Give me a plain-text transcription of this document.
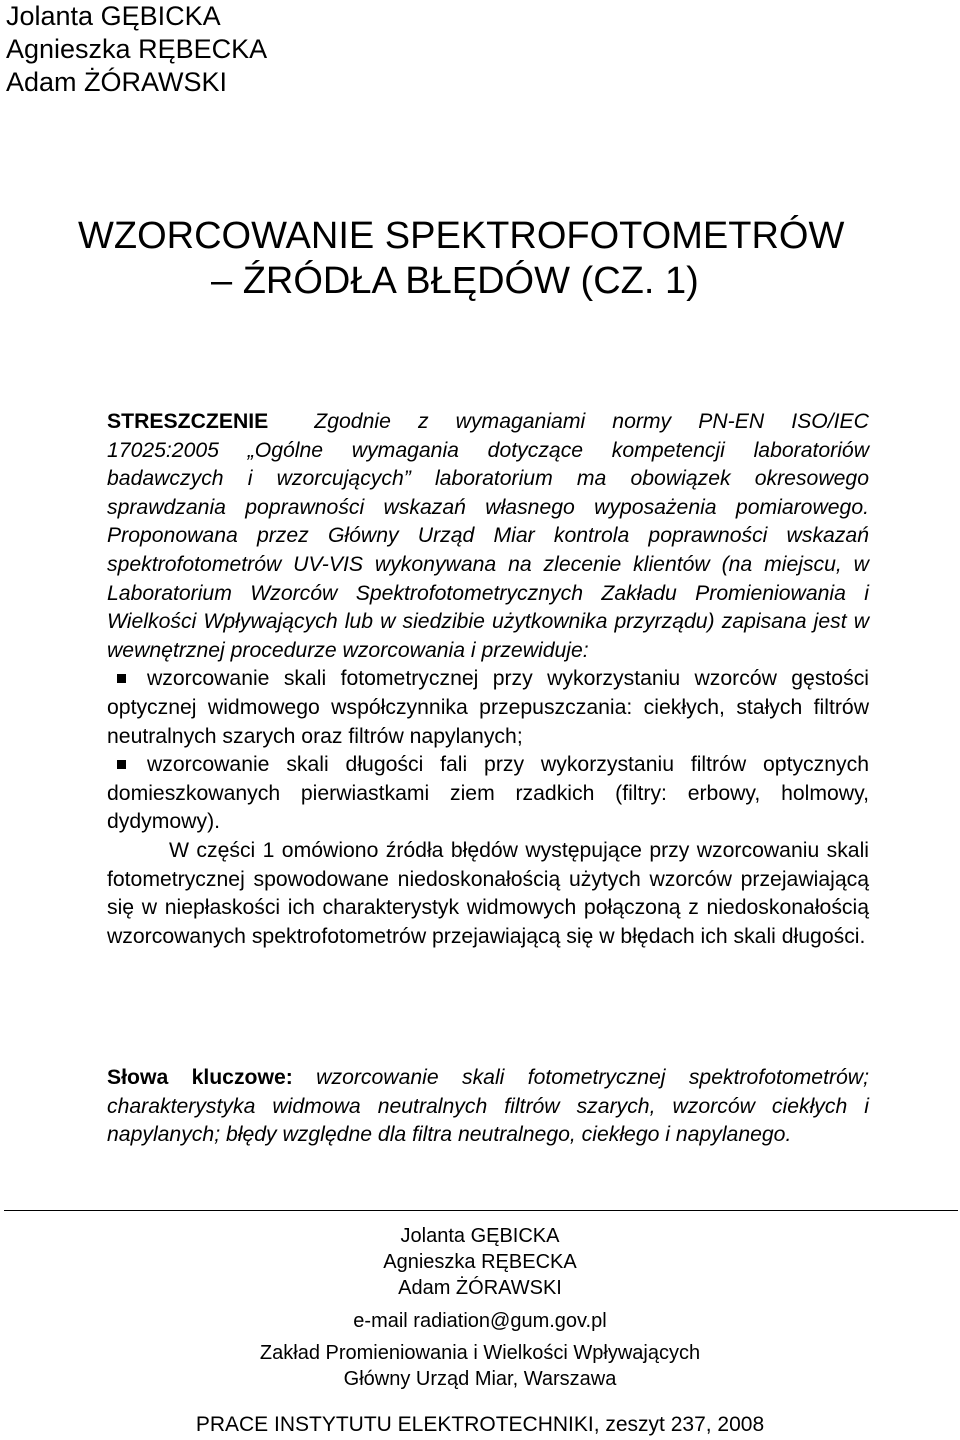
Jolanta GĘBICKA
Agnieszka RĘBECKA
Adam ŻÓRAWSKI
WZORCOWANIE SPEKTROFOTOMETRÓW
– ŹRÓDŁA BŁĘDÓW (CZ. 1)

STRESZCZENIE Zgodnie z wymaganiami normy PN-EN ISO/IEC 17025:2005 „Ogólne wymagania dotyczące kompetencji laboratoriów badawczych i wzorcujących” laboratorium ma obowiązek okresowego sprawdzania poprawności wskazań własnego wyposażenia pomiarowego. Proponowana przez Główny Urząd Miar kontrola poprawności wskazań spektrofotometrów UV-VIS wykonywana na zlecenie klientów (na miejscu, w Laboratorium Wzorców Spektrofotometrycznych Zakładu Promieniowania i Wielkości Wpływających lub w siedzibie użytkownika przyrządu) zapisana jest w wewnętrznej procedurze wzorcowania i przewiduje:

wzorcowanie skali fotometrycznej przy wykorzystaniu wzorców gęstości optycznej widmowego współczynnika przepuszczania: ciekłych, stałych filtrów neutralnych szarych oraz filtrów napylanych;
wzorcowanie skali długości fali przy wykorzystaniu filtrów optycznych domieszkowanych pierwiastkami ziem rzadkich (filtry: erbowy, holmowy, dydymowy).

W części 1 omówiono źródła błędów występujące przy wzorcowaniu skali fotometrycznej spowodowane niedoskonałością użytych wzorców przejawiającą się w niepłaskości ich charakterystyk widmowych połączoną z niedoskonałością wzorcowanych spektrofotometrów przejawiającą się w błędach ich skali długości.

Słowa kluczowe: wzorcowanie skali fotometrycznej spektrofotometrów; charakterystyka widmowa neutralnych filtrów szarych, wzorców ciekłych i napylanych; błędy względne dla filtra neutralnego, ciekłego i napylanego.
Jolanta GĘBICKA
Agnieszka RĘBECKA
Adam ŻÓRAWSKI
e-mail radiation@gum.gov.pl
Zakład Promieniowania i Wielkości Wpływających
Główny Urząd Miar, Warszawa
PRACE INSTYTUTU ELEKTROTECHNIKI, zeszyt 237, 2008
